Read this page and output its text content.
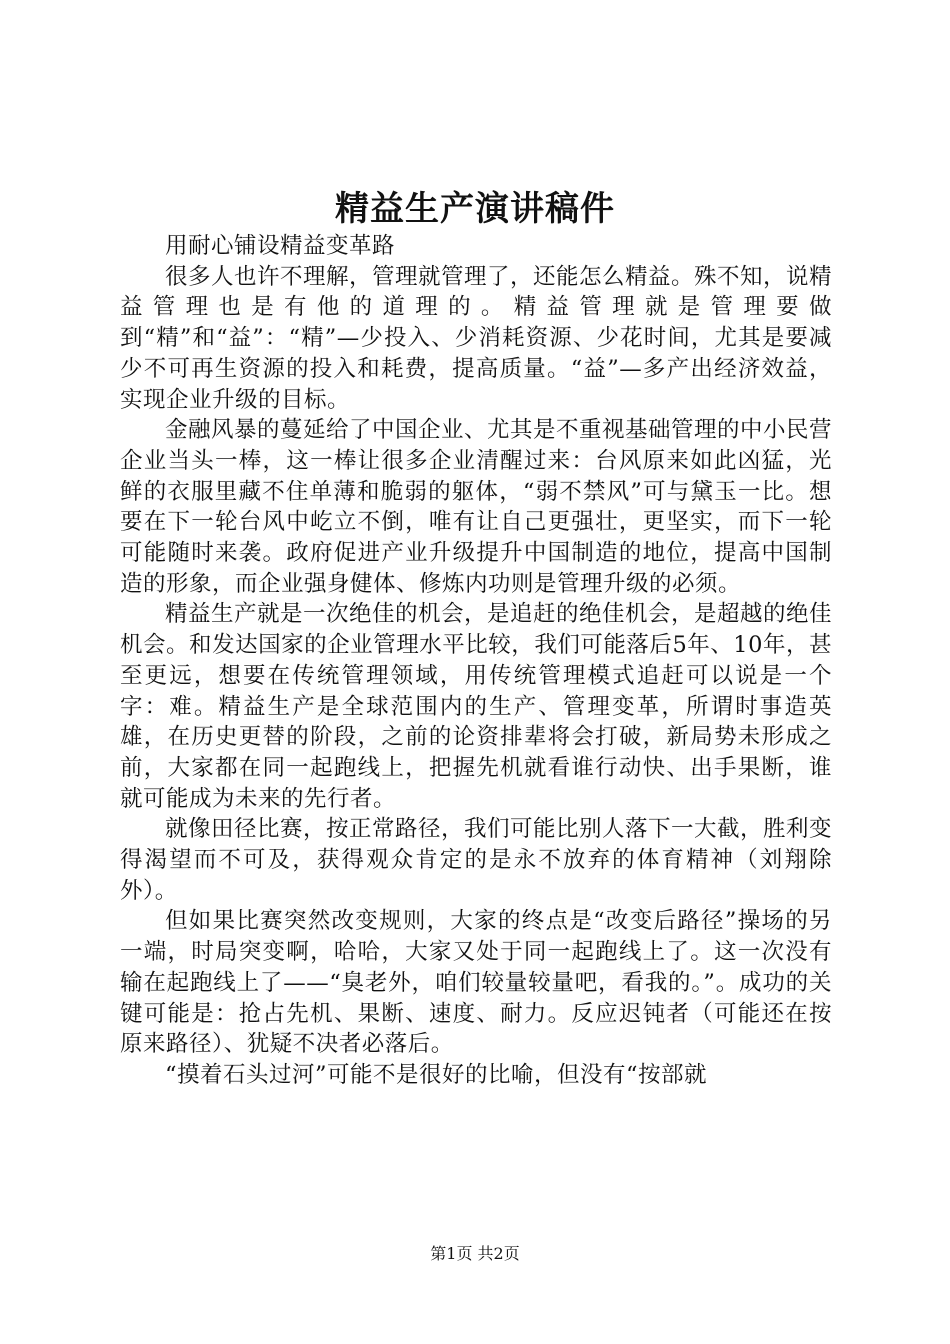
精益生产演讲稿件

用耐心铺设精益变革路

很多人也许不理解，管理就管理了，还能怎么精益。殊不知，说精益管理也是有他的道理的。精益管理就是管理要做到“精”和“益”：“精”—少投入、少消耗资源、少花时间，尤其是要减少不可再生资源的投入和耗费，提高质量。“益”—多产出经济效益，实现企业升级的目标。

金融风暴的蔓延给了中国企业、尤其是不重视基础管理的中小民营企业当头一棒，这一棒让很多企业清醒过来：台风原来如此凶猛，光鲜的衣服里藏不住单薄和脆弱的躯体，“弱不禁风”可与黛玉一比。想要在下一轮台风中屹立不倒，唯有让自己更强壮，更坚实，而下一轮可能随时来袭。政府促进产业升级提升中国制造的地位，提高中国制造的形象，而企业强身健体、修炼内功则是管理升级的必须。

精益生产就是一次绝佳的机会，是追赶的绝佳机会，是超越的绝佳机会。和发达国家的企业管理水平比较，我们可能落后5年、10年，甚至更远，想要在传统管理领域，用传统管理模式追赶可以说是一个字：难。精益生产是全球范围内的生产、管理变革，所谓时事造英雄，在历史更替的阶段，之前的论资排辈将会打破，新局势未形成之前，大家都在同一起跑线上，把握先机就看谁行动快、出手果断，谁就可能成为未来的先行者。

就像田径比赛，按正常路径，我们可能比别人落下一大截，胜利变得渴望而不可及，获得观众肯定的是永不放弃的体育精神（刘翔除外）。

但如果比赛突然改变规则，大家的终点是“改变后路径”操场的另一端，时局突变啊，哈哈，大家又处于同一起跑线上了。这一次没有输在起跑线上了——“臭老外，咱们较量较量吧，看我的。”。成功的关键可能是：抢占先机、果断、速度、耐力。反应迟钝者（可能还在按原来路径）、犹疑不决者必落后。

“摸着石头过河”可能不是很好的比喻，但没有“按部就

第1页 共2页
